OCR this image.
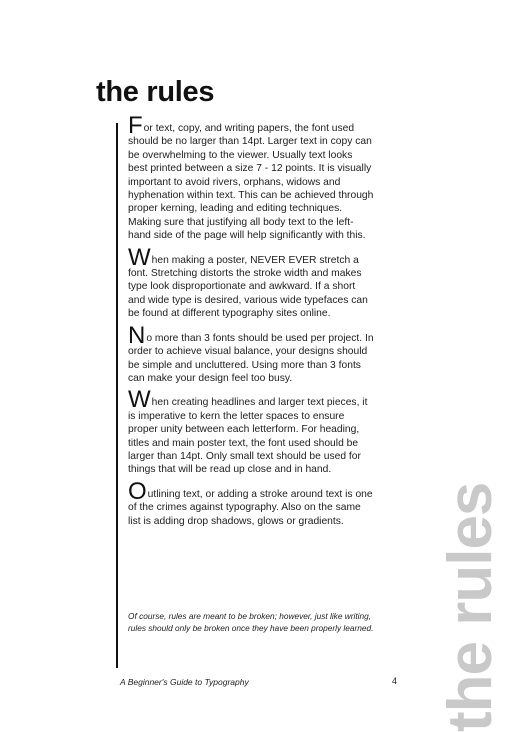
the rules

For text, copy, and writing papers, the font used should be no larger than 14pt. Larger text in copy can be overwhelming to the viewer. Usually text looks best printed between a size 7 - 12 points. It is visually important to avoid rivers, orphans, widows and hyphenation within text. This can be achieved through proper kerning, leading and editing techniques. Making sure that justifying all body text to the left-hand side of the page will help significantly with this.

When making a poster, NEVER EVER stretch a font. Stretching distorts the stroke width and makes type look disproportionate and awkward. If a short and wide type is desired, various wide typefaces can be found at different typography sites online.

No more than 3 fonts should be used per project. In order to achieve visual balance, your designs should be simple and uncluttered. Using more than 3 fonts can make your design feel too busy.

When creating headlines and larger text pieces, it is imperative to kern the letter spaces to ensure proper unity between each letterform. For heading, titles and main poster text, the font used should be larger than 14pt. Only small text should be used for things that will be read up close and in hand.

Outlining text, or adding a stroke around text is one of the crimes against typography. Also on the same list is adding drop shadows, glows or gradients.

Of course, rules are meant to be broken; however, just like writing, rules should only be broken once they have been properly learned.

A Beginner's Guide to Typography	4 the rules
